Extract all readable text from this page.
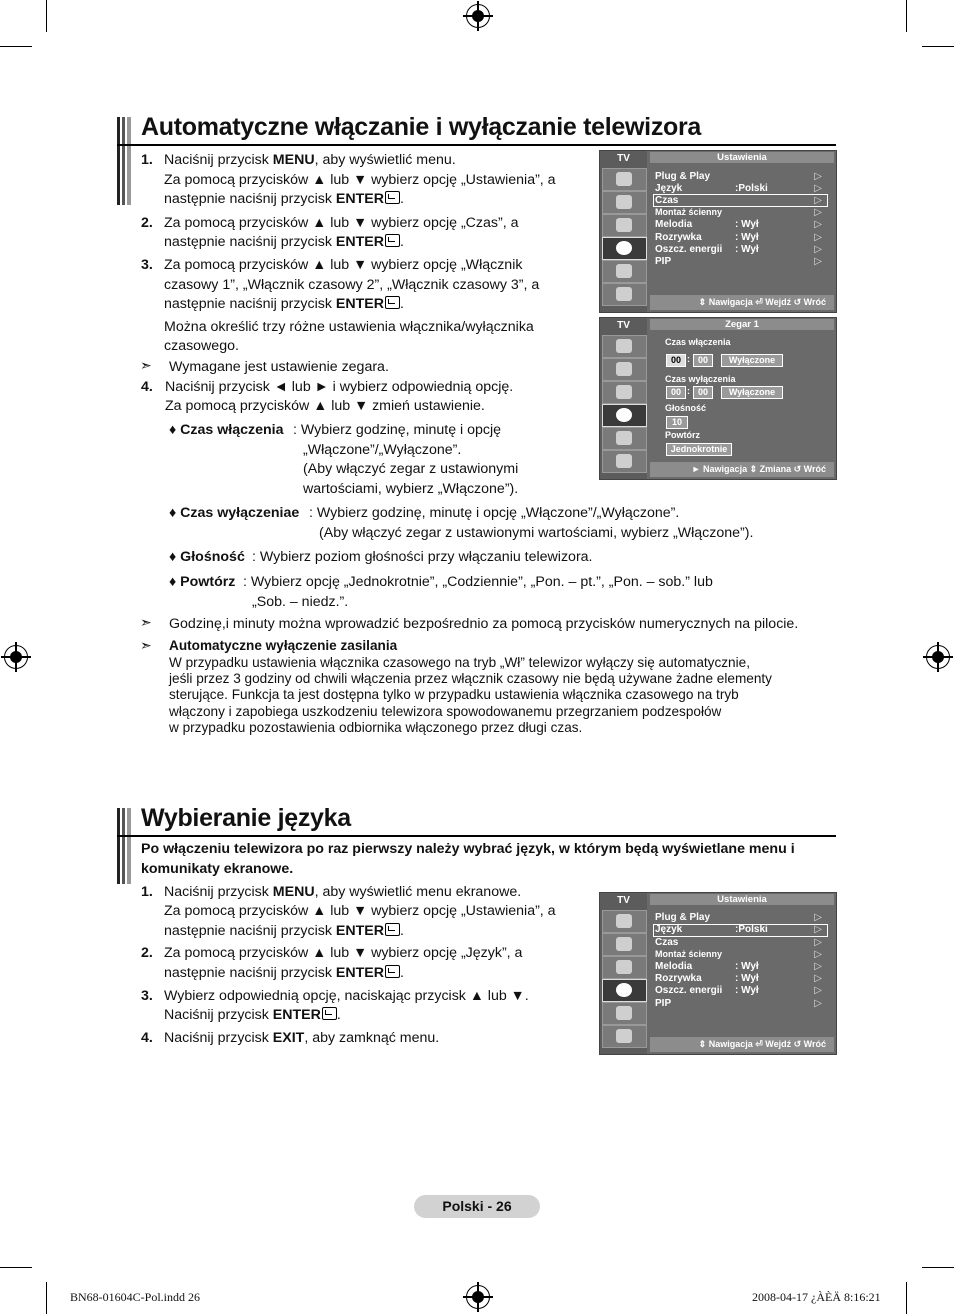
Automatyczne włączanie i wyłączanie telewizora
1. Naciśnij przycisk MENU, aby wyświetlić menu.
Za pomocą przycisków ▲ lub ▼ wybierz opcję „Ustawienia”, a
następnie naciśnij przycisk ENTER .
2. Za pomocą przycisków ▲ lub ▼ wybierz opcję „Czas”, a
następnie naciśnij przycisk ENTER .
3. Za pomocą przycisków ▲ lub ▼ wybierz opcję „Włącznik
czasowy 1”, „Włącznik czasowy 2”, „Włącznik czasowy 3”, a
następnie naciśnij przycisk ENTER .
Można określić trzy różne ustawienia włącznika/wyłącznika
czasowego.
➣ Wymagane jest ustawienie zegara.
4. Naciśnij przycisk ◄ lub ► i wybierz odpowiednią opcję.
Za pomocą przycisków ▲ lub ▼ zmień ustawienie.
♦ Czas włączenia : Wybierz godzinę, minutę i opcję
„Włączone”/„Wyłączone”.
(Aby włączyć zegar z ustawionymi
wartościami, wybierz „Włączone”).
♦ Czas wyłączeniae : Wybierz godzinę, minutę i opcję „Włączone”/„Wyłączone”.
(Aby włączyć zegar z ustawionymi wartościami, wybierz „Włączone”).
♦ Głośność : Wybierz poziom głośności przy włączaniu telewizora.
♦ Powtórz : Wybierz opcję „Jednokrotnie”, „Codziennie”, „Pon. – pt.”, „Pon. – sob.” lub
„Sob. – niedz.”.
➣ Godzinę,i minuty można wprowadzić bezpośrednio za pomocą przycisków numerycznych na pilocie.
➣ Automatyczne wyłączenie zasilania
W przypadku ustawienia włącznika czasowego na tryb „Wł” telewizor wyłączy się automatycznie,
jeśli przez 3 godziny od chwili włączenia przez włącznik czasowy nie będą używane żadne elementy
sterujące. Funkcja ta jest dostępna tylko w przypadku ustawienia włącznika czasowego na tryb
włączony i zapobiega uszkodzeniu telewizora spowodowanemu przegrzaniem podzespołów
w przypadku pozostawienia odbiornika włączonego przez długi czas.
TV	Ustawienia
Plug & Play
Język	:Polski
Czas
Montaż ścienny
Melodia	: Wył
Rozrywka	: Wył
Oszcz. energii : Wył
PIP
▷
▷
▷
▷
▷
▷
▷
▷
⇕ Nawigacja ⏎ Wejdź ↺ Wróć
TV	Zegar 1
Czas włączenia
00 : 00	Wyłączone
Czas wyłączenia
00 : 00	Wyłączone
Głośność
10
Powtórz
Jednokrotnie
► Nawigacja ⇕ Zmiana ↺ Wróć
Wybieranie języka
Po włączeniu telewizora po raz pierwszy należy wybrać język, w którym będą wyświetlane menu i
komunikaty ekranowe.
1. Naciśnij przycisk MENU, aby wyświetlić menu ekranowe.
Za pomocą przycisków ▲ lub ▼ wybierz opcję „Ustawienia”, a
następnie naciśnij przycisk ENTER .
2. Za pomocą przycisków ▲ lub ▼ wybierz opcję „Język”, a
następnie naciśnij przycisk ENTER .
3. Wybierz odpowiednią opcję, naciskając przycisk ▲ lub ▼.
Naciśnij przycisk ENTER .
4. Naciśnij przycisk EXIT, aby zamknąć menu.
TV	Ustawienia
Plug & Play
Język	:Polski
Czas
Montaż ścienny
Melodia	: Wył
Rozrywka	: Wył
Oszcz. energii : Wył
PIP
▷
▷
▷
▷
▷
▷
▷
▷
⇕ Nawigacja ⏎ Wejdź ↺ Wróć
Polski - 26
BN68-01604C-Pol.indd 26	2008-04-17 ¿ÀÈÄ 8:16:21
